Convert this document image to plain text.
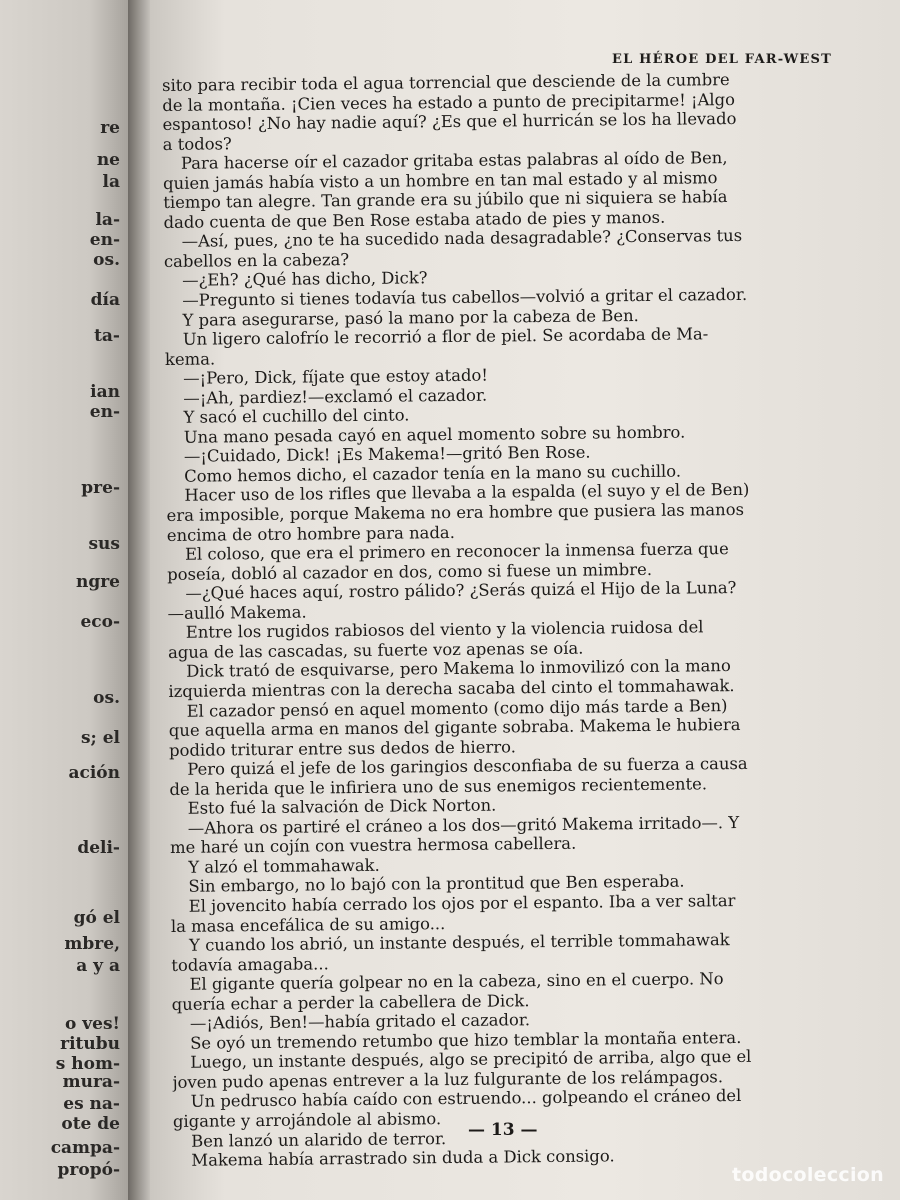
re
ne
la
la-
en-
os.
día
ta-
ian
en-
pre-
sus
ngre
eco-
os.
s; el
ación
deli-
gó el
mbre,
a y a
o ves!
ritubu
s hom-
mura-
es na-
ote de
campa-
propó-
EL HÉROE DEL FAR-WEST
sito para recibir toda el agua torrencial que desciende de la cumbre
de la montaña. ¡Cien veces ha estado a punto de precipitarme! ¡Algo
espantoso! ¿No hay nadie aquí? ¿Es que el hurricán se los ha llevado
a todos?
Para hacerse oír el cazador gritaba estas palabras al oído de Ben,
quien jamás había visto a un hombre en tan mal estado y al mismo
tiempo tan alegre. Tan grande era su júbilo que ni siquiera se había
dado cuenta de que Ben Rose estaba atado de pies y manos.
—Así, pues, ¿no te ha sucedido nada desagradable? ¿Conservas tus
cabellos en la cabeza?
—¿Eh? ¿Qué has dicho, Dick?
—Pregunto si tienes todavía tus cabellos—volvió a gritar el cazador.
Y para asegurarse, pasó la mano por la cabeza de Ben.
Un ligero calofrío le recorrió a flor de piel. Se acordaba de Ma-
kema.
—¡Pero, Dick, fíjate que estoy atado!
—¡Ah, pardiez!—exclamó el cazador.
Y sacó el cuchillo del cinto.
Una mano pesada cayó en aquel momento sobre su hombro.
—¡Cuidado, Dick! ¡Es Makema!—gritó Ben Rose.
Como hemos dicho, el cazador tenía en la mano su cuchillo.
Hacer uso de los rifles que llevaba a la espalda (el suyo y el de Ben)
era imposible, porque Makema no era hombre que pusiera las manos
encima de otro hombre para nada.
El coloso, que era el primero en reconocer la inmensa fuerza que
poseía, dobló al cazador en dos, como si fuese un mimbre.
—¿Qué haces aquí, rostro pálido? ¿Serás quizá el Hijo de la Luna?
—aulló Makema.
Entre los rugidos rabiosos del viento y la violencia ruidosa del
agua de las cascadas, su fuerte voz apenas se oía.
Dick trató de esquivarse, pero Makema lo inmovilizó con la mano
izquierda mientras con la derecha sacaba del cinto el tommahawak.
El cazador pensó en aquel momento (como dijo más tarde a Ben)
que aquella arma en manos del gigante sobraba. Makema le hubiera
podido triturar entre sus dedos de hierro.
Pero quizá el jefe de los garingios desconfiaba de su fuerza a causa
de la herida que le infiriera uno de sus enemigos recientemente.
Esto fué la salvación de Dick Norton.
—Ahora os partiré el cráneo a los dos—gritó Makema irritado—. Y
me haré un cojín con vuestra hermosa cabellera.
Y alzó el tommahawak.
Sin embargo, no lo bajó con la prontitud que Ben esperaba.
El jovencito había cerrado los ojos por el espanto. Iba a ver saltar
la masa encefálica de su amigo...
Y cuando los abrió, un instante después, el terrible tommahawak
todavía amagaba...
El gigante quería golpear no en la cabeza, sino en el cuerpo. No
quería echar a perder la cabellera de Dick.
—¡Adiós, Ben!—había gritado el cazador.
Se oyó un tremendo retumbo que hizo temblar la montaña entera.
Luego, un instante después, algo se precipitó de arriba, algo que el
joven pudo apenas entrever a la luz fulgurante de los relámpagos.
Un pedrusco había caído con estruendo... golpeando el cráneo del
gigante y arrojándole al abismo.
Ben lanzó un alarido de terror.
Makema había arrastrado sin duda a Dick consigo.
— 13 —
todocoleccion
